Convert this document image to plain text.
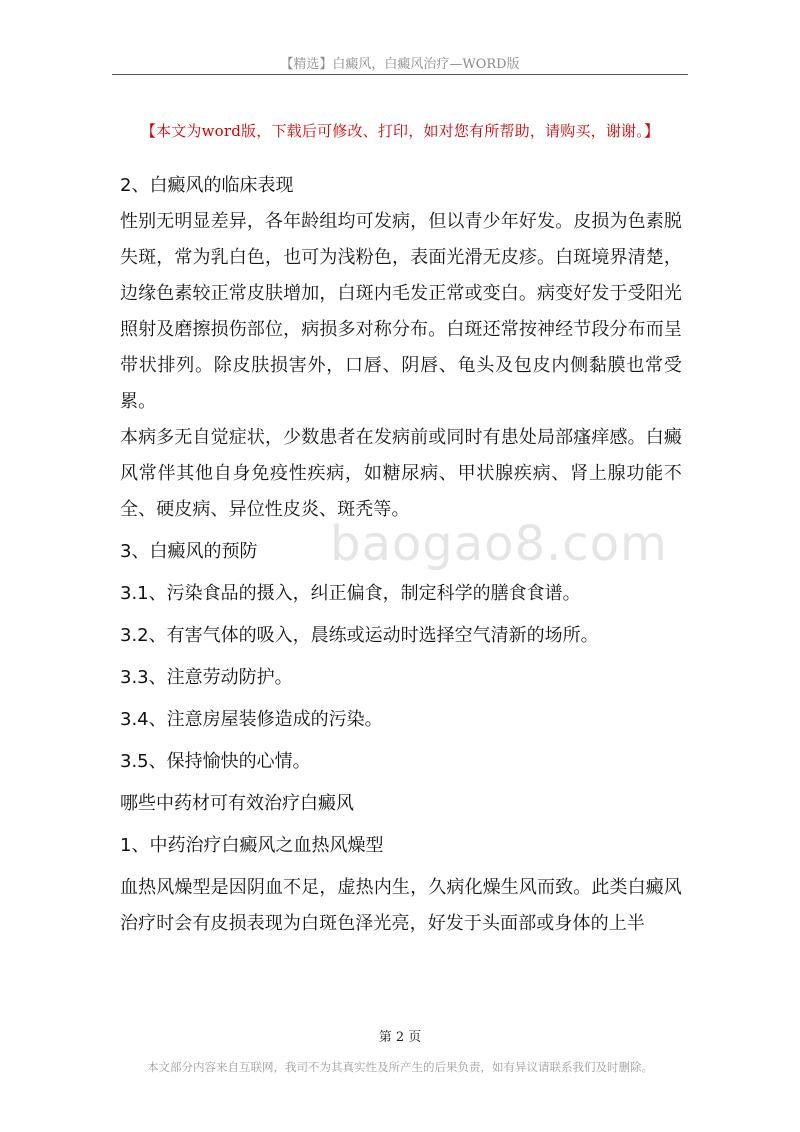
【精选】白癜风，白癜风治疗—WORD版
【本文为word版，下载后可修改、打印，如对您有所帮助，请购买，谢谢。】

2、白癜风的临床表现

性别无明显差异，各年龄组均可发病，但以青少年好发。皮损为色素脱失斑，常为乳白色，也可为浅粉色，表面光滑无皮疹。白斑境界清楚，边缘色素较正常皮肤增加，白斑内毛发正常或变白。病变好发于受阳光照射及磨擦损伤部位，病损多对称分布。白斑还常按神经节段分布而呈带状排列。除皮肤损害外，口唇、阴唇、龟头及包皮内侧黏膜也常受累。

本病多无自觉症状，少数患者在发病前或同时有患处局部瘙痒感。白癜风常伴其他自身免疫性疾病，如糖尿病、甲状腺疾病、肾上腺功能不全、硬皮病、异位性皮炎、斑秃等。

3、白癜风的预防

3.1、污染食品的摄入，纠正偏食，制定科学的膳食食谱。

3.2、有害气体的吸入，晨练或运动时选择空气清新的场所。

3.3、注意劳动防护。

3.4、注意房屋装修造成的污染。

3.5、保持愉快的心情。

哪些中药材可有效治疗白癜风

1、中药治疗白癜风之血热风燥型

血热风燥型是因阴血不足，虚热内生，久病化燥生风而致。此类白癜风治疗时会有皮损表现为白斑色泽光亮，好发于头面部或身体的上半

baogao8.com
第 2 页
本文部分内容来自互联网，我司不为其真实性及所产生的后果负责，如有异议请联系我们及时删除。
